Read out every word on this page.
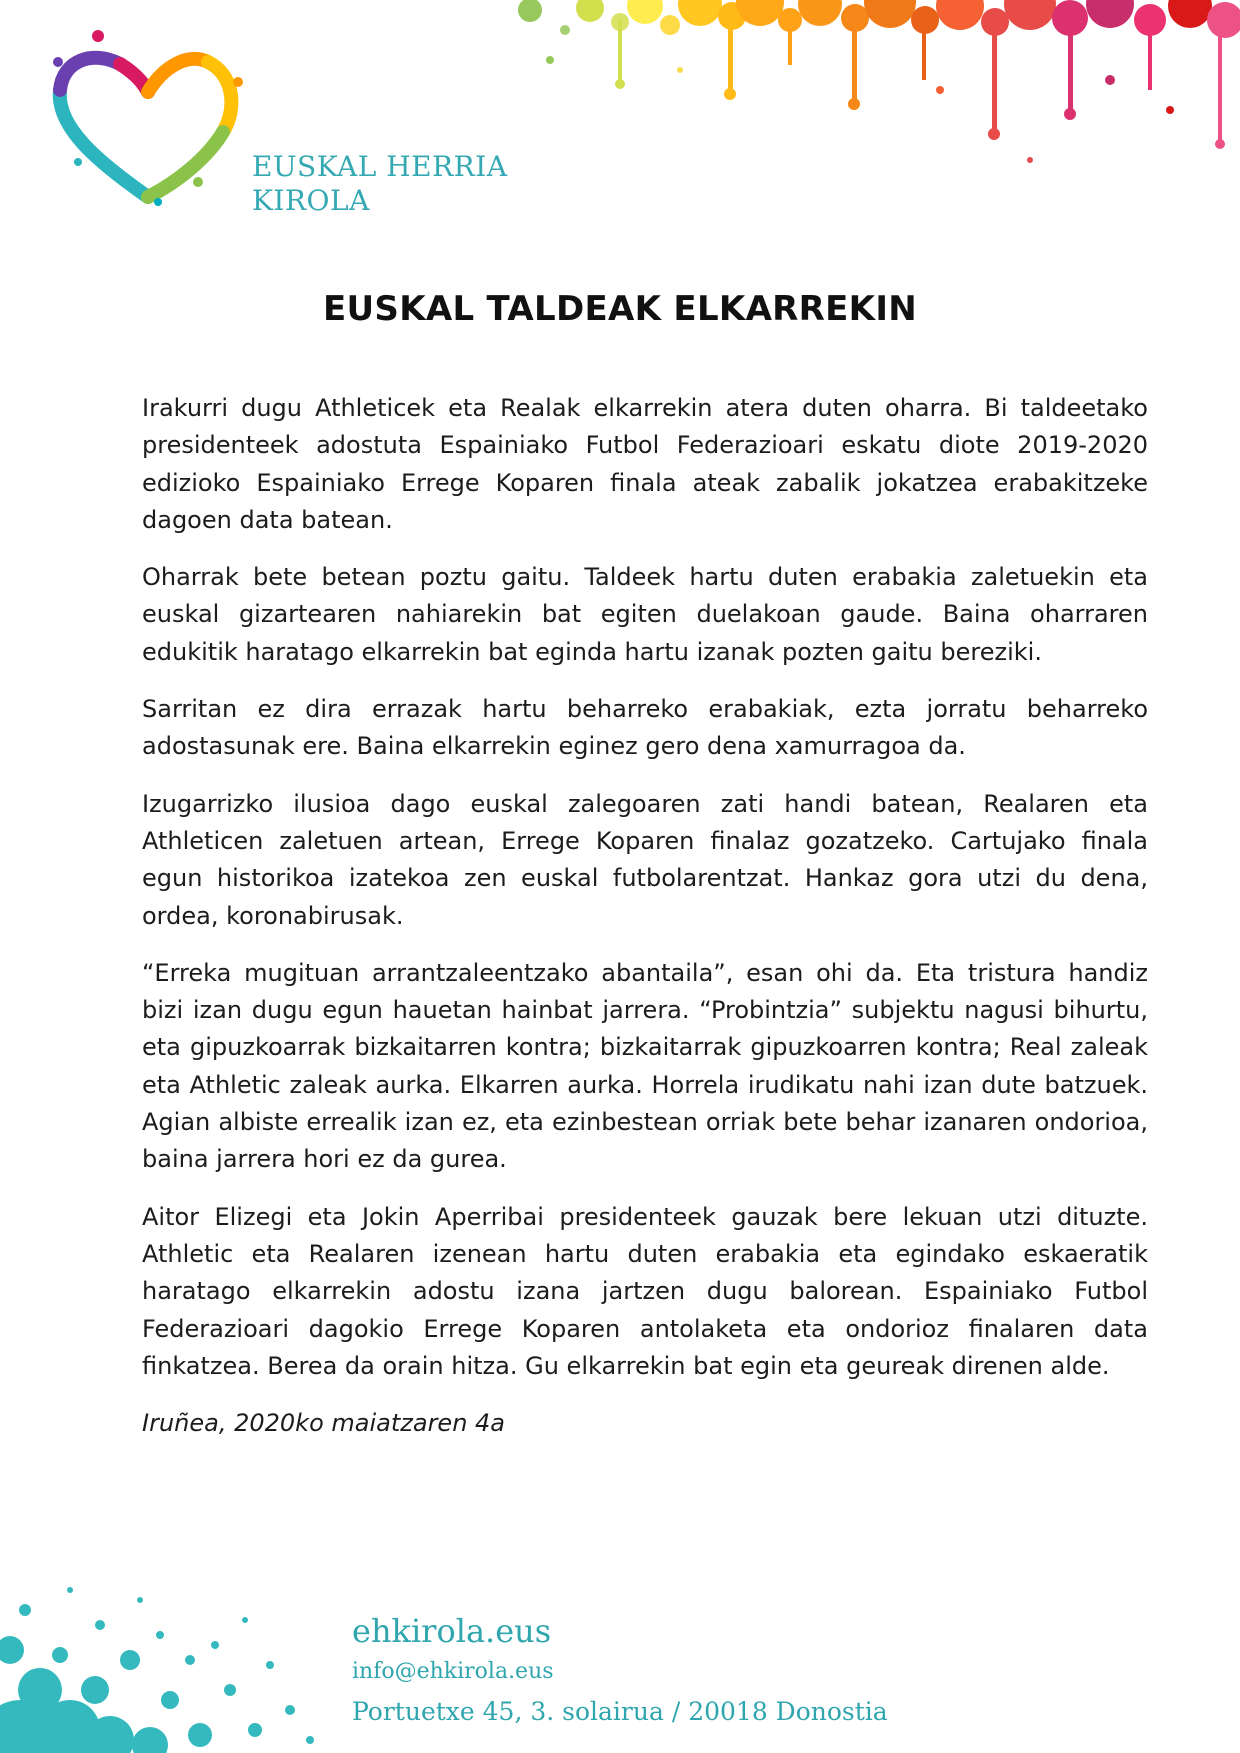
EUSKAL HERRIA
KIROLA
EUSKAL TALDEAK ELKARREKIN

Irakurri dugu Athleticek eta Realak elkarrekin atera duten oharra. Bi taldeetako presidenteek adostuta Espainiako Futbol Federazioari eskatu diote 2019-2020 edizioko Espainiako Errege Koparen finala ateak zabalik jokatzea erabakitzeke dagoen data batean.

Oharrak bete betean poztu gaitu. Taldeek hartu duten erabakia zaletuekin eta euskal gizartearen nahiarekin bat egiten duelakoan gaude. Baina oharraren edukitik haratago elkarrekin bat eginda hartu izanak pozten gaitu bereziki.

Sarritan ez dira errazak hartu beharreko erabakiak, ezta jorratu beharreko adostasunak ere. Baina elkarrekin eginez gero dena xamurragoa da.

Izugarrizko ilusioa dago euskal zalegoaren zati handi batean, Realaren eta Athleticen zaletuen artean, Errege Koparen finalaz gozatzeko. Cartujako finala egun historikoa izatekoa zen euskal futbolarentzat. Hankaz gora utzi du dena, ordea, koronabirusak.

“Erreka mugituan arrantzaleentzako abantaila”, esan ohi da. Eta tristura handiz bizi izan dugu egun hauetan hainbat jarrera. “Probintzia” subjektu nagusi bihurtu, eta gipuzkoarrak bizkaitarren kontra; bizkaitarrak gipuzkoarren kontra; Real zaleak eta Athletic zaleak aurka. Elkarren aurka. Horrela irudikatu nahi izan dute batzuek. Agian albiste errealik izan ez, eta ezinbestean orriak bete behar izanaren ondorioa, baina jarrera hori ez da gurea.

Aitor Elizegi eta Jokin Aperribai presidenteek gauzak bere lekuan utzi dituzte. Athletic eta Realaren izenean hartu duten erabakia eta egindako eskaeratik haratago elkarrekin adostu izana jartzen dugu balorean. Espainiako Futbol Federazioari dagokio Errege Koparen antolaketa eta ondorioz finalaren data finkatzea. Berea da orain hitza. Gu elkarrekin bat egin eta geureak direnen alde.

Iruñea, 2020ko maiatzaren 4a

ehkirola.eus
info@ehkirola.eus
Portuetxe 45, 3. solairua / 20018 Donostia
